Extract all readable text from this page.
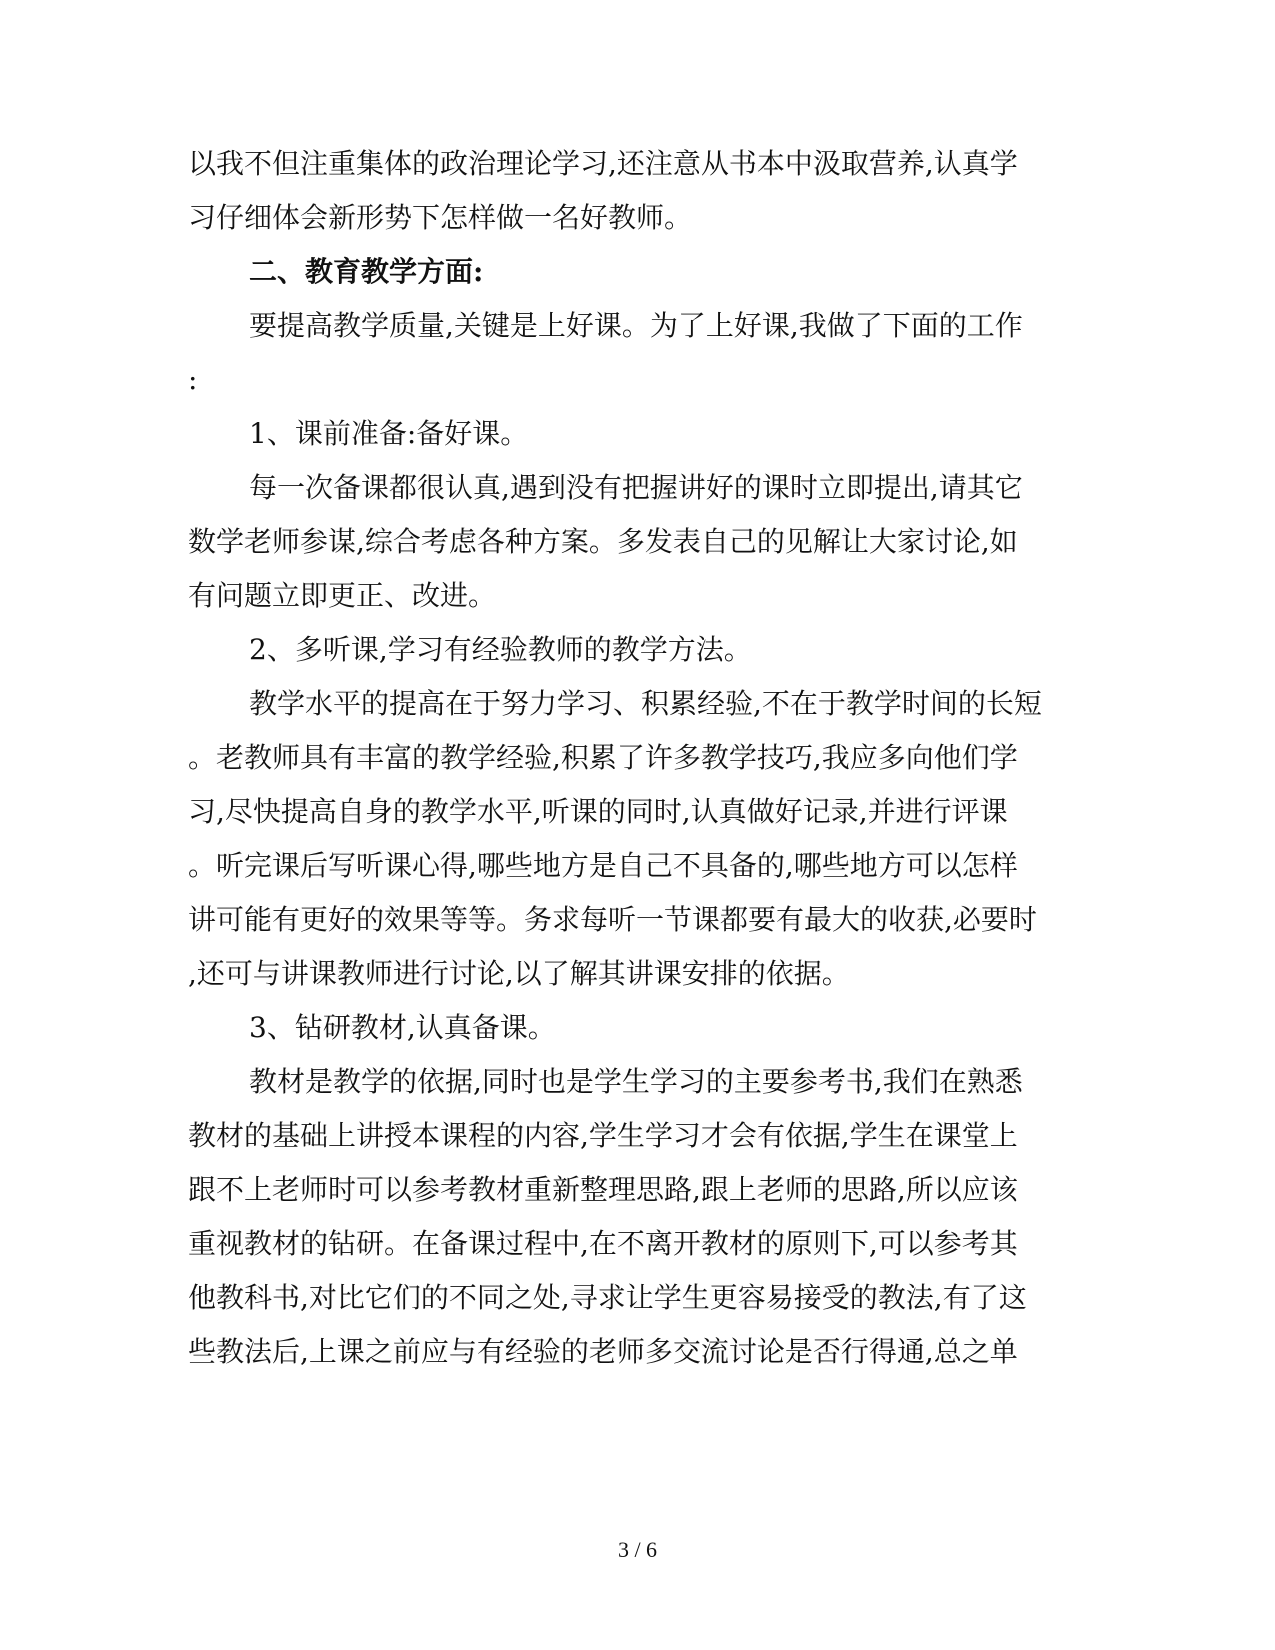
以我不但注重集体的政治理论学习,还注意从书本中汲取营养,认真学
习仔细体会新形势下怎样做一名好教师。
二、教育教学方面:
要提高教学质量,关键是上好课。为了上好课,我做了下面的工作
:
1、课前准备:备好课。
每一次备课都很认真,遇到没有把握讲好的课时立即提出,请其它
数学老师参谋,综合考虑各种方案。多发表自己的见解让大家讨论,如
有问题立即更正、改进。
2、多听课,学习有经验教师的教学方法。
教学水平的提高在于努力学习、积累经验,不在于教学时间的长短
。老教师具有丰富的教学经验,积累了许多教学技巧,我应多向他们学
习,尽快提高自身的教学水平,听课的同时,认真做好记录,并进行评课
。听完课后写听课心得,哪些地方是自己不具备的,哪些地方可以怎样
讲可能有更好的效果等等。务求每听一节课都要有最大的收获,必要时
,还可与讲课教师进行讨论,以了解其讲课安排的依据。
3、钻研教材,认真备课。
教材是教学的依据,同时也是学生学习的主要参考书,我们在熟悉
教材的基础上讲授本课程的内容,学生学习才会有依据,学生在课堂上
跟不上老师时可以参考教材重新整理思路,跟上老师的思路,所以应该
重视教材的钻研。在备课过程中,在不离开教材的原则下,可以参考其
他教科书,对比它们的不同之处,寻求让学生更容易接受的教法,有了这
些教法后,上课之前应与有经验的老师多交流讨论是否行得通,总之单
3 / 6
